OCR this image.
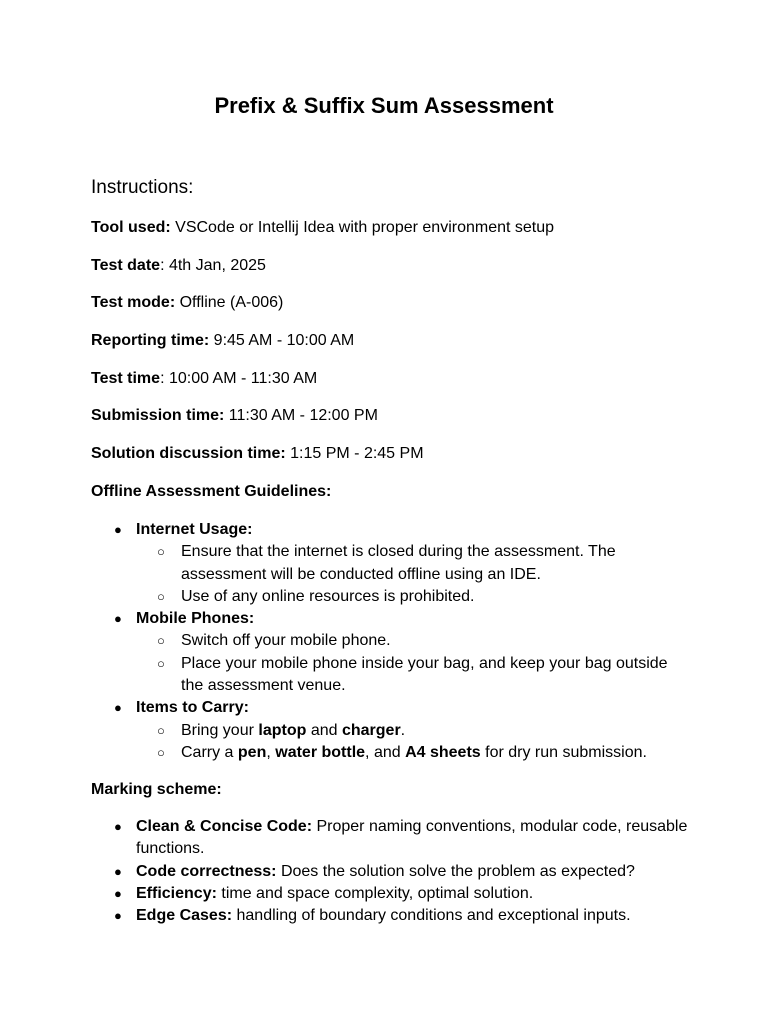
Prefix & Suffix Sum Assessment
Instructions:

Tool used: VSCode or Intellij Idea with proper environment setup

Test date: 4th Jan, 2025

Test mode: Offline (A-006)

Reporting time: 9:45 AM - 10:00 AM

Test time: 10:00 AM - 11:30 AM

Submission time: 11:30 AM - 12:00 PM

Solution discussion time: 1:15 PM - 2:45 PM

Offline Assessment Guidelines:

● Internet Usage:
○ Ensure that the internet is closed during the assessment. The assessment will be conducted offline using an IDE.
○ Use of any online resources is prohibited.
● Mobile Phones:
○ Switch off your mobile phone.
○ Place your mobile phone inside your bag, and keep your bag outside the assessment venue.
● Items to Carry:
○ Bring your laptop and charger.
○ Carry a pen, water bottle, and A4 sheets for dry run submission.

Marking scheme:

● Clean & Concise Code: Proper naming conventions, modular code, reusable functions.
● Code correctness: Does the solution solve the problem as expected?
● Efficiency: time and space complexity, optimal solution.
● Edge Cases: handling of boundary conditions and exceptional inputs.
